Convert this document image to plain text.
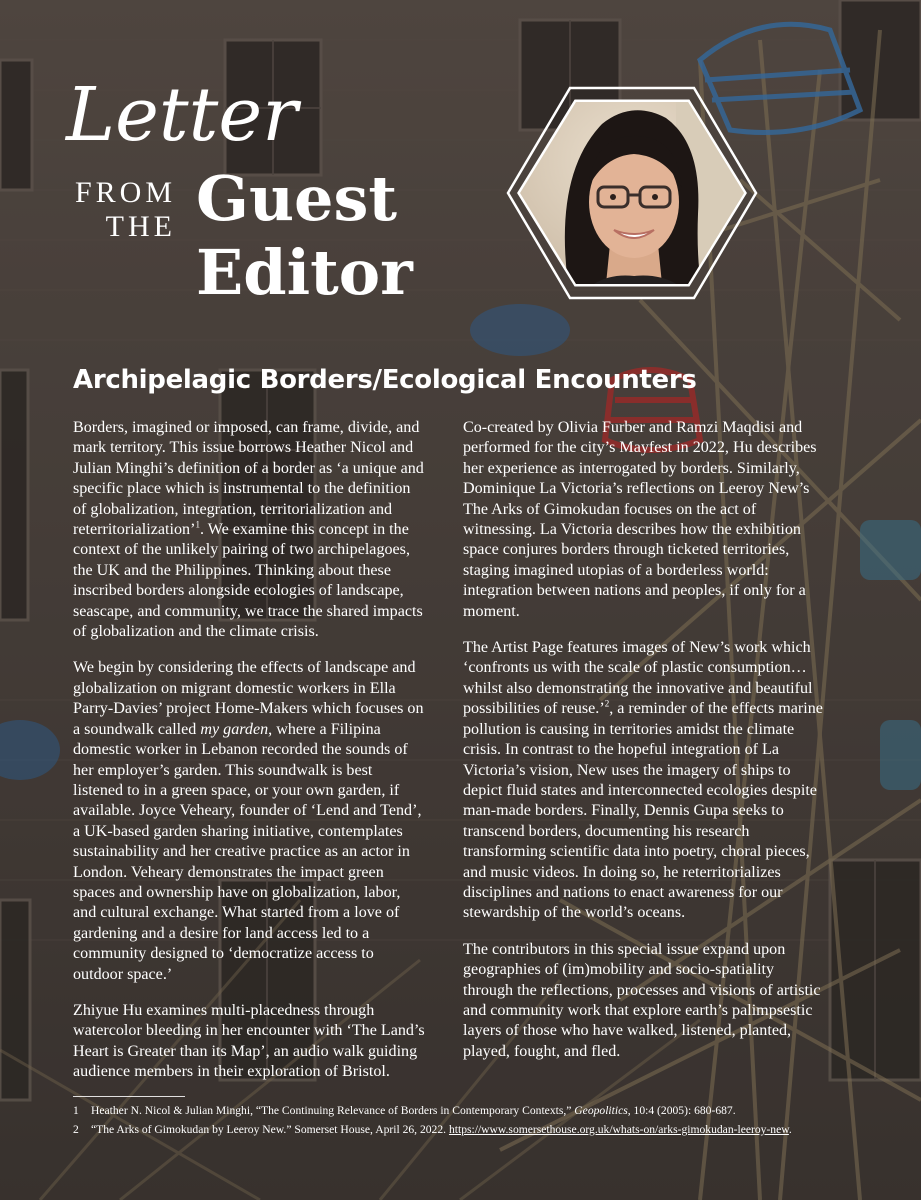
Letter
FROM
THE Guest
Editor
Archipelagic Borders/Ecological Encounters

Borders, imagined or imposed, can frame, divide, and mark territory. This issue borrows Heather Nicol and Julian Minghi’s definition of a border as ‘a unique and specific place which is instrumental to the definition of globalization, integration, territorialization and reterritorialization’$^1$. We examine this concept in the context of the unlikely pairing of two archipelagoes, the UK and the Philippines. Thinking about these inscribed borders alongside ecologies of landscape, seascape, and community, we trace the shared impacts of globalization and the climate crisis.

We begin by considering the effects of landscape and globalization on migrant domestic workers in Ella Parry-Davies’ project Home-Makers which focuses on a soundwalk called my garden, where a Filipina domestic worker in Lebanon recorded the sounds of her employer’s garden. This soundwalk is best listened to in a green space, or your own garden, if available. Joyce Veheary, founder of ‘Lend and Tend’, a UK-based garden sharing initiative, contemplates sustainability and her creative practice as an actor in London. Veheary demonstrates the impact green spaces and ownership have on globalization, labor, and cultural exchange. What started from a love of gardening and a desire for land access led to a community designed to ‘democratize access to outdoor space.’

Zhiyue Hu examines multi-placedness through watercolor bleeding in her encounter with ‘The Land’s Heart is Greater than its Map’, an audio walk guiding audience members in their exploration of Bristol.

Co-created by Olivia Furber and Ramzi Maqdisi and performed for the city’s Mayfest in 2022, Hu describes her experience as interrogated by borders. Similarly, Dominique La Victoria’s reflections on Leeroy New’s The Arks of Gimokudan focuses on the act of witnessing. La Victoria describes how the exhibition space conjures borders through ticketed territories, staging imagined utopias of a borderless world: integration between nations and peoples, if only for a moment.

The Artist Page features images of New’s work which ‘confronts us with the scale of plastic consumption… whilst also demonstrating the innovative and beautiful possibilities of reuse.’$^2$, a reminder of the effects marine pollution is causing in territories amidst the climate crisis. In contrast to the hopeful integration of La Victoria’s vision, New uses the imagery of ships to depict fluid states and interconnected ecologies despite man-made borders. Finally, Dennis Gupa seeks to transcend borders, documenting his research transforming scientific data into poetry, choral pieces, and music videos. In doing so, he reterritorializes disciplines and nations to enact awareness for our stewardship of the world’s oceans.

The contributors in this special issue expand upon geographies of (im)mobility and socio-spatiality through the reflections, processes and visions of artistic and community work that explore earth’s palimpsestic layers of those who have walked, listened, planted, played, fought, and fled.

1	Heather N. Nicol & Julian Minghi, “The Continuing Relevance of Borders in Contemporary Contexts,” Geopolitics, 10:4 (2005): 680-687.
2	“The Arks of Gimokudan by Leeroy New.” Somerset House, April 26, 2022. https://www.somersethouse.org.uk/whats-on/arks-gimokudan-leeroy-new.
